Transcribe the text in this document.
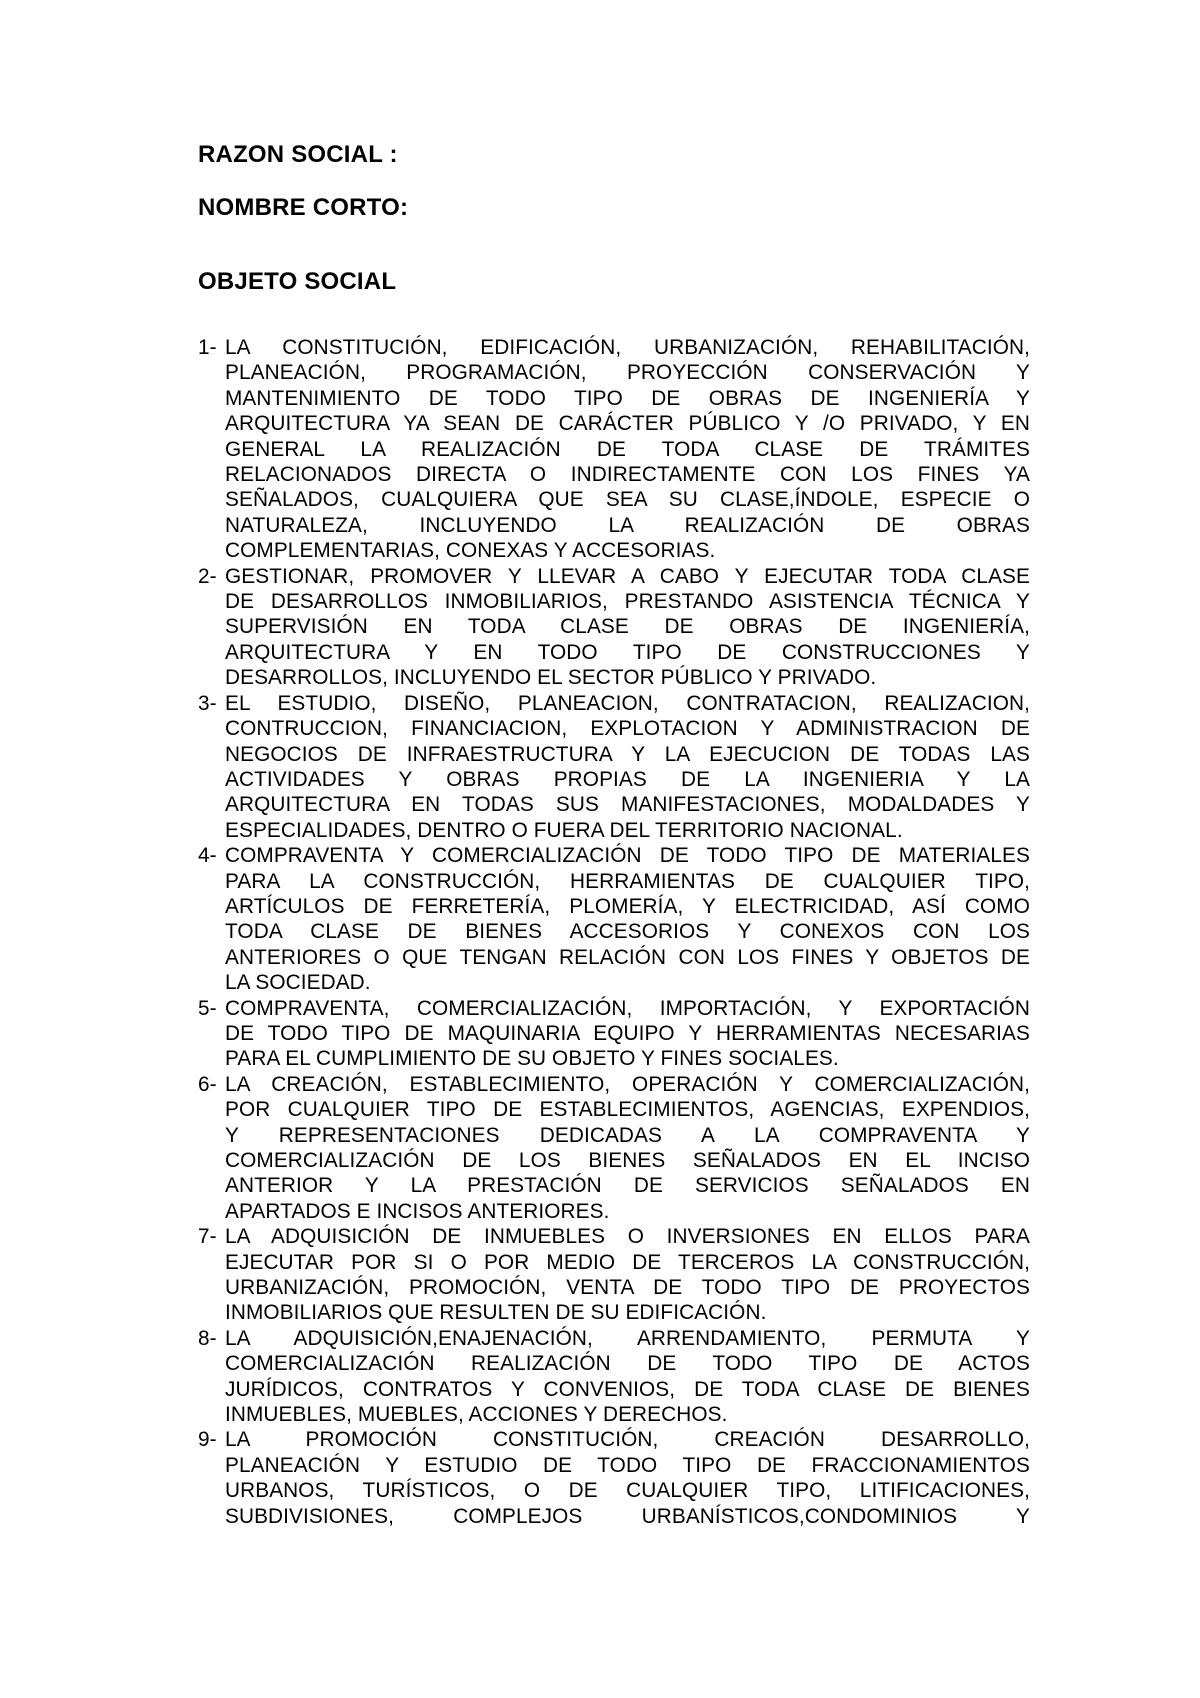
RAZON SOCIAL :
NOMBRE CORTO:
OBJETO SOCIAL
1- LA CONSTITUCIÓN, EDIFICACIÓN, URBANIZACIÓN, REHABILITACIÓN,
PLANEACIÓN, PROGRAMACIÓN, PROYECCIÓN CONSERVACIÓN Y
MANTENIMIENTO DE TODO TIPO DE OBRAS DE INGENIERÍA Y
ARQUITECTURA YA SEAN DE CARÁCTER PÚBLICO Y /O PRIVADO, Y EN
GENERAL LA REALIZACIÓN DE TODA CLASE DE TRÁMITES
RELACIONADOS DIRECTA O INDIRECTAMENTE CON LOS FINES YA
SEÑALADOS, CUALQUIERA QUE SEA SU CLASE,ÍNDOLE, ESPECIE O
NATURALEZA, INCLUYENDO LA REALIZACIÓN DE OBRAS
COMPLEMENTARIAS, CONEXAS Y ACCESORIAS.
2- GESTIONAR, PROMOVER Y LLEVAR A CABO Y EJECUTAR TODA CLASE
DE DESARROLLOS INMOBILIARIOS, PRESTANDO ASISTENCIA TÉCNICA Y
SUPERVISIÓN EN TODA CLASE DE OBRAS DE INGENIERÍA,
ARQUITECTURA Y EN TODO TIPO DE CONSTRUCCIONES Y
DESARROLLOS, INCLUYENDO EL SECTOR PÚBLICO Y PRIVADO.
3- EL ESTUDIO, DISEÑO, PLANEACION, CONTRATACION, REALIZACION,
CONTRUCCION, FINANCIACION, EXPLOTACION Y ADMINISTRACION DE
NEGOCIOS DE INFRAESTRUCTURA Y LA EJECUCION DE TODAS LAS
ACTIVIDADES Y OBRAS PROPIAS DE LA INGENIERIA Y LA
ARQUITECTURA EN TODAS SUS MANIFESTACIONES, MODALDADES Y
ESPECIALIDADES, DENTRO O FUERA DEL TERRITORIO NACIONAL.
4- COMPRAVENTA Y COMERCIALIZACIÓN DE TODO TIPO DE MATERIALES
PARA LA CONSTRUCCIÓN, HERRAMIENTAS DE CUALQUIER TIPO,
ARTÍCULOS DE FERRETERÍA, PLOMERÍA, Y ELECTRICIDAD, ASÍ COMO
TODA CLASE DE BIENES ACCESORIOS Y CONEXOS CON LOS
ANTERIORES O QUE TENGAN RELACIÓN CON LOS FINES Y OBJETOS DE
LA SOCIEDAD.
5- COMPRAVENTA, COMERCIALIZACIÓN, IMPORTACIÓN, Y EXPORTACIÓN
DE TODO TIPO DE MAQUINARIA EQUIPO Y HERRAMIENTAS NECESARIAS
PARA EL CUMPLIMIENTO DE SU OBJETO Y FINES SOCIALES.
6- LA CREACIÓN, ESTABLECIMIENTO, OPERACIÓN Y COMERCIALIZACIÓN,
POR CUALQUIER TIPO DE ESTABLECIMIENTOS, AGENCIAS, EXPENDIOS,
Y REPRESENTACIONES DEDICADAS A LA COMPRAVENTA Y
COMERCIALIZACIÓN DE LOS BIENES SEÑALADOS EN EL INCISO
ANTERIOR Y LA PRESTACIÓN DE SERVICIOS SEÑALADOS EN
APARTADOS E INCISOS ANTERIORES.
7- LA ADQUISICIÓN DE INMUEBLES O INVERSIONES EN ELLOS PARA
EJECUTAR POR SI O POR MEDIO DE TERCEROS LA CONSTRUCCIÓN,
URBANIZACIÓN, PROMOCIÓN, VENTA DE TODO TIPO DE PROYECTOS
INMOBILIARIOS QUE RESULTEN DE SU EDIFICACIÓN.
8- LA ADQUISICIÓN,ENAJENACIÓN, ARRENDAMIENTO, PERMUTA Y
COMERCIALIZACIÓN REALIZACIÓN DE TODO TIPO DE ACTOS
JURÍDICOS, CONTRATOS Y CONVENIOS, DE TODA CLASE DE BIENES
INMUEBLES, MUEBLES, ACCIONES Y DERECHOS.
9- LA PROMOCIÓN CONSTITUCIÓN, CREACIÓN DESARROLLO,
PLANEACIÓN Y ESTUDIO DE TODO TIPO DE FRACCIONAMIENTOS
URBANOS, TURÍSTICOS, O DE CUALQUIER TIPO, LITIFICACIONES,
SUBDIVISIONES, COMPLEJOS URBANÍSTICOS,CONDOMINIOS Y
